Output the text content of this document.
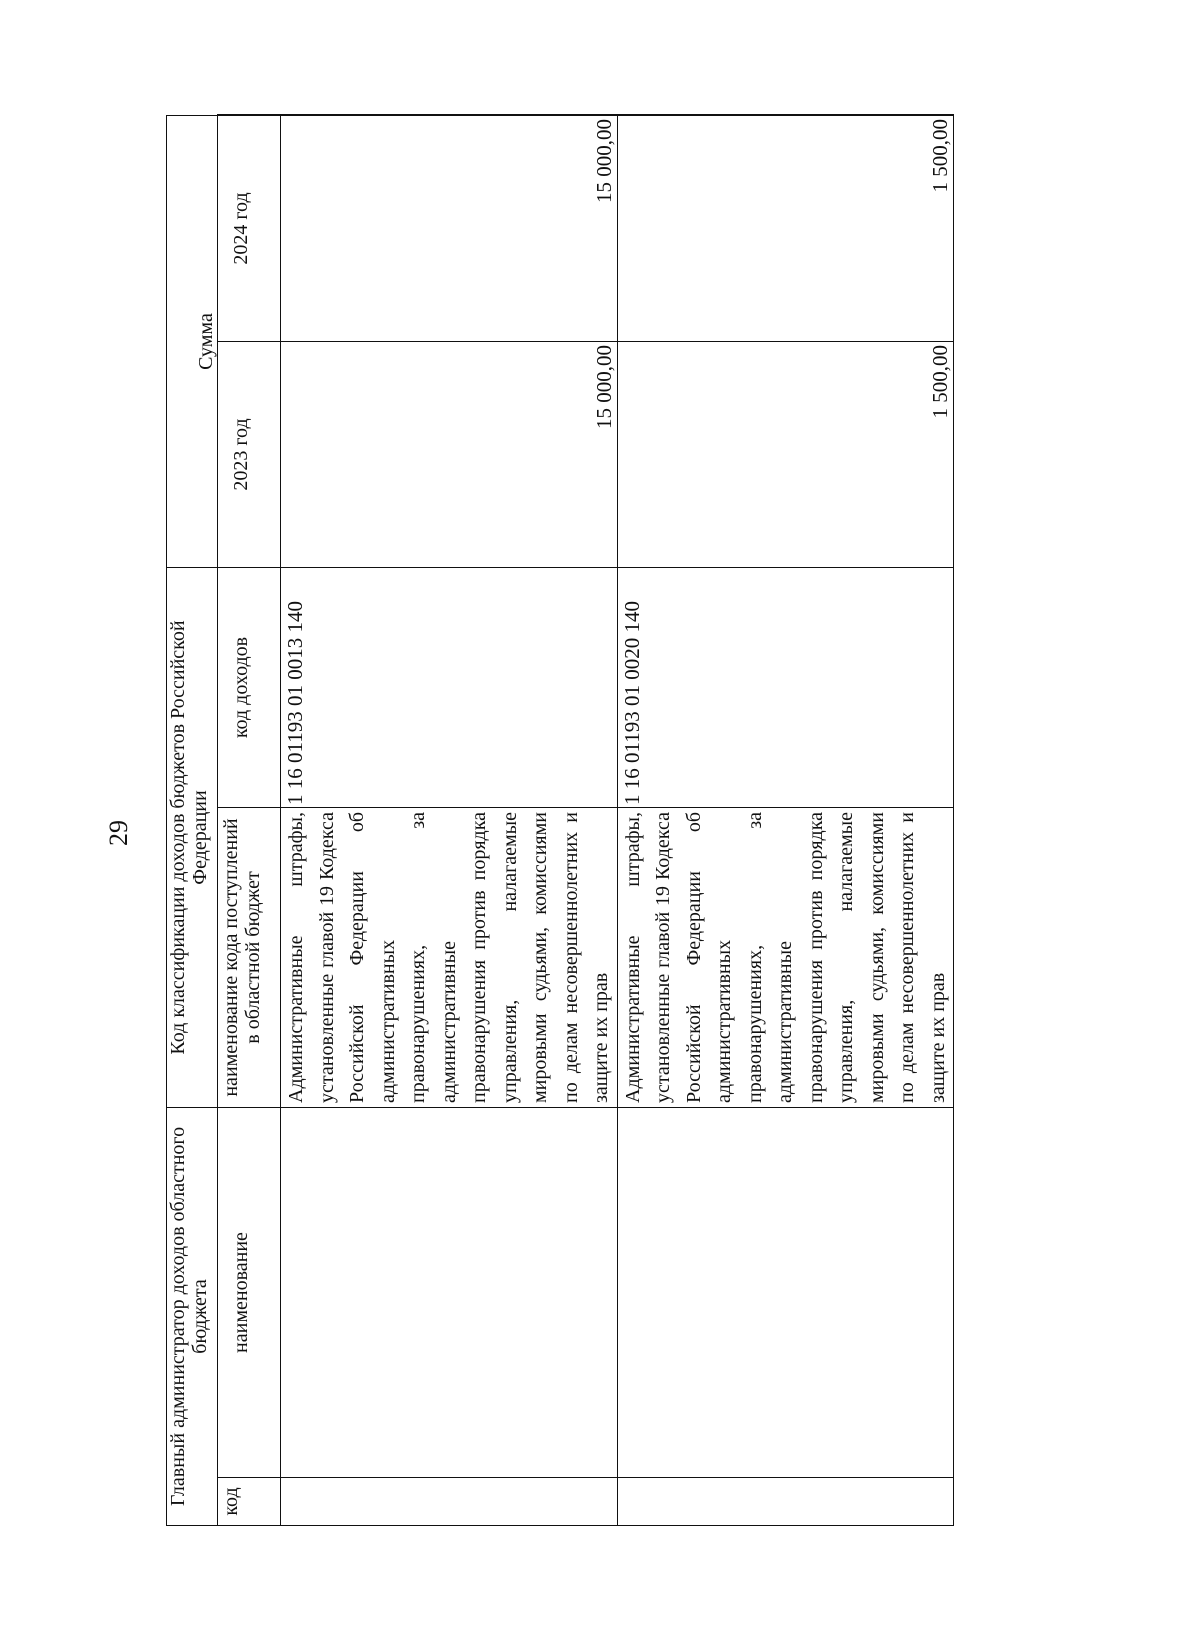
29
Главный администратор доходов областного бюджета		Код классификации доходов бюджетов Российской Федерации		Сумма		
код	наименование	наименование кода поступлений в областной бюджет	код доходов	2023 год	2024 год	
		Административные штрафы, установленные главой 19 Кодекса Российской Федерации об административных правонарушениях, за административные правонарушения против порядка управления, налагаемые мировыми судьями, комиссиями по делам несовершеннолетних и защите их прав	1 16 01193 01 0013 140	15 000,00	15 000,00	
		Административные штрафы, установленные главой 19 Кодекса Российской Федерации об административных правонарушениях, за административные правонарушения против порядка управления, налагаемые мировыми судьями, комиссиями по делам несовершеннолетних и защите их прав	1 16 01193 01 0020 140	1 500,00	1 500,00	
